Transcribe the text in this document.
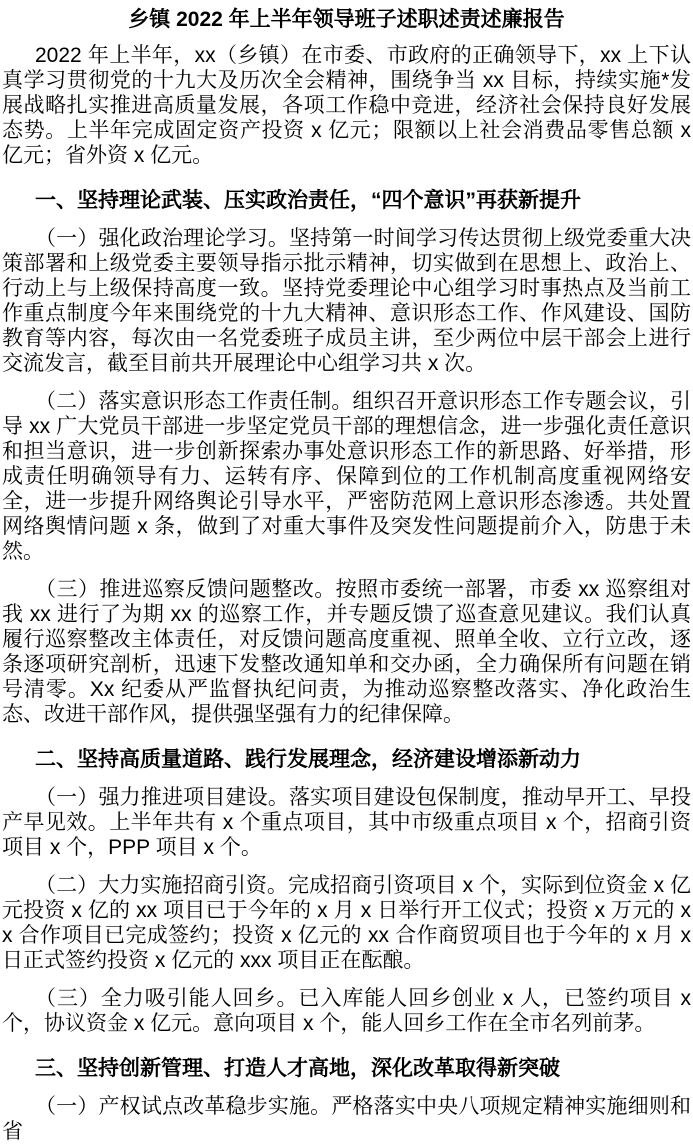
乡镇 2022 年上半年领导班子述职述责述廉报告

2022 年上半年，xx（乡镇）在市委、市政府的正确领导下，xx 上下认真学习贯彻党的十九大及历次全会精神，围绕争当 xx 目标，持续实施*发展战略扎实推进高质量发展，各项工作稳中竞进，经济社会保持良好发展态势。上半年完成固定资产投资 x 亿元；限额以上社会消费品零售总额 x 亿元；省外资 x 亿元。

一、坚持理论武装、压实政治责任，“四个意识”再获新提升

（一）强化政治理论学习。坚持第一时间学习传达贯彻上级党委重大决策部署和上级党委主要领导指示批示精神，切实做到在思想上、政治上、行动上与上级保持高度一致。坚持党委理论中心组学习时事热点及当前工作重点制度今年来围绕党的十九大精神、意识形态工作、作风建设、国防教育等内容，每次由一名党委班子成员主讲，至少两位中层干部会上进行交流发言，截至目前共开展理论中心组学习共 x 次。

（二）落实意识形态工作责任制。组织召开意识形态工作专题会议，引导 xx 广大党员干部进一步坚定党员干部的理想信念，进一步强化责任意识和担当意识，进一步创新探索办事处意识形态工作的新思路、好举措，形成责任明确领导有力、运转有序、保障到位的工作机制高度重视网络安全，进一步提升网络舆论引导水平，严密防范网上意识形态渗透。共处置网络舆情问题 x 条，做到了对重大事件及突发性问题提前介入，防患于未然。

（三）推进巡察反馈问题整改。按照市委统一部署，市委 xx 巡察组对我 xx 进行了为期 xx 的巡察工作，并专题反馈了巡查意见建议。我们认真履行巡察整改主体责任，对反馈问题高度重视、照单全收、立行立改，逐条逐项研究剖析，迅速下发整改通知单和交办函，全力确保所有问题在销号清零。Xx 纪委从严监督执纪问责，为推动巡察整改落实、净化政治生态、改进干部作风，提供强坚强有力的纪律保障。

二、坚持高质量道路、践行发展理念，经济建设增添新动力

（一）强力推进项目建设。落实项目建设包保制度，推动早开工、早投产早见效。上半年共有 x 个重点项目，其中市级重点项目 x 个，招商引资项目 x 个，PPP 项目 x 个。

（二）大力实施招商引资。完成招商引资项目 x 个，实际到位资金 x 亿元投资 x 亿的 xx 项目已于今年的 x 月 x 日举行开工仪式；投资 x 万元的 xx 合作项目已完成签约；投资 x 亿元的 xx 合作商贸项目也于今年的 x 月 x 日正式签约投资 x 亿元的 xxx 项目正在酝酿。

（三）全力吸引能人回乡。已入库能人回乡创业 x 人，已签约项目 x 个，协议资金 x 亿元。意向项目 x 个，能人回乡工作在全市名列前茅。

三、坚持创新管理、打造人才高地，深化改革取得新突破

（一）产权试点改革稳步实施。严格落实中央八项规定精神实施细则和省
